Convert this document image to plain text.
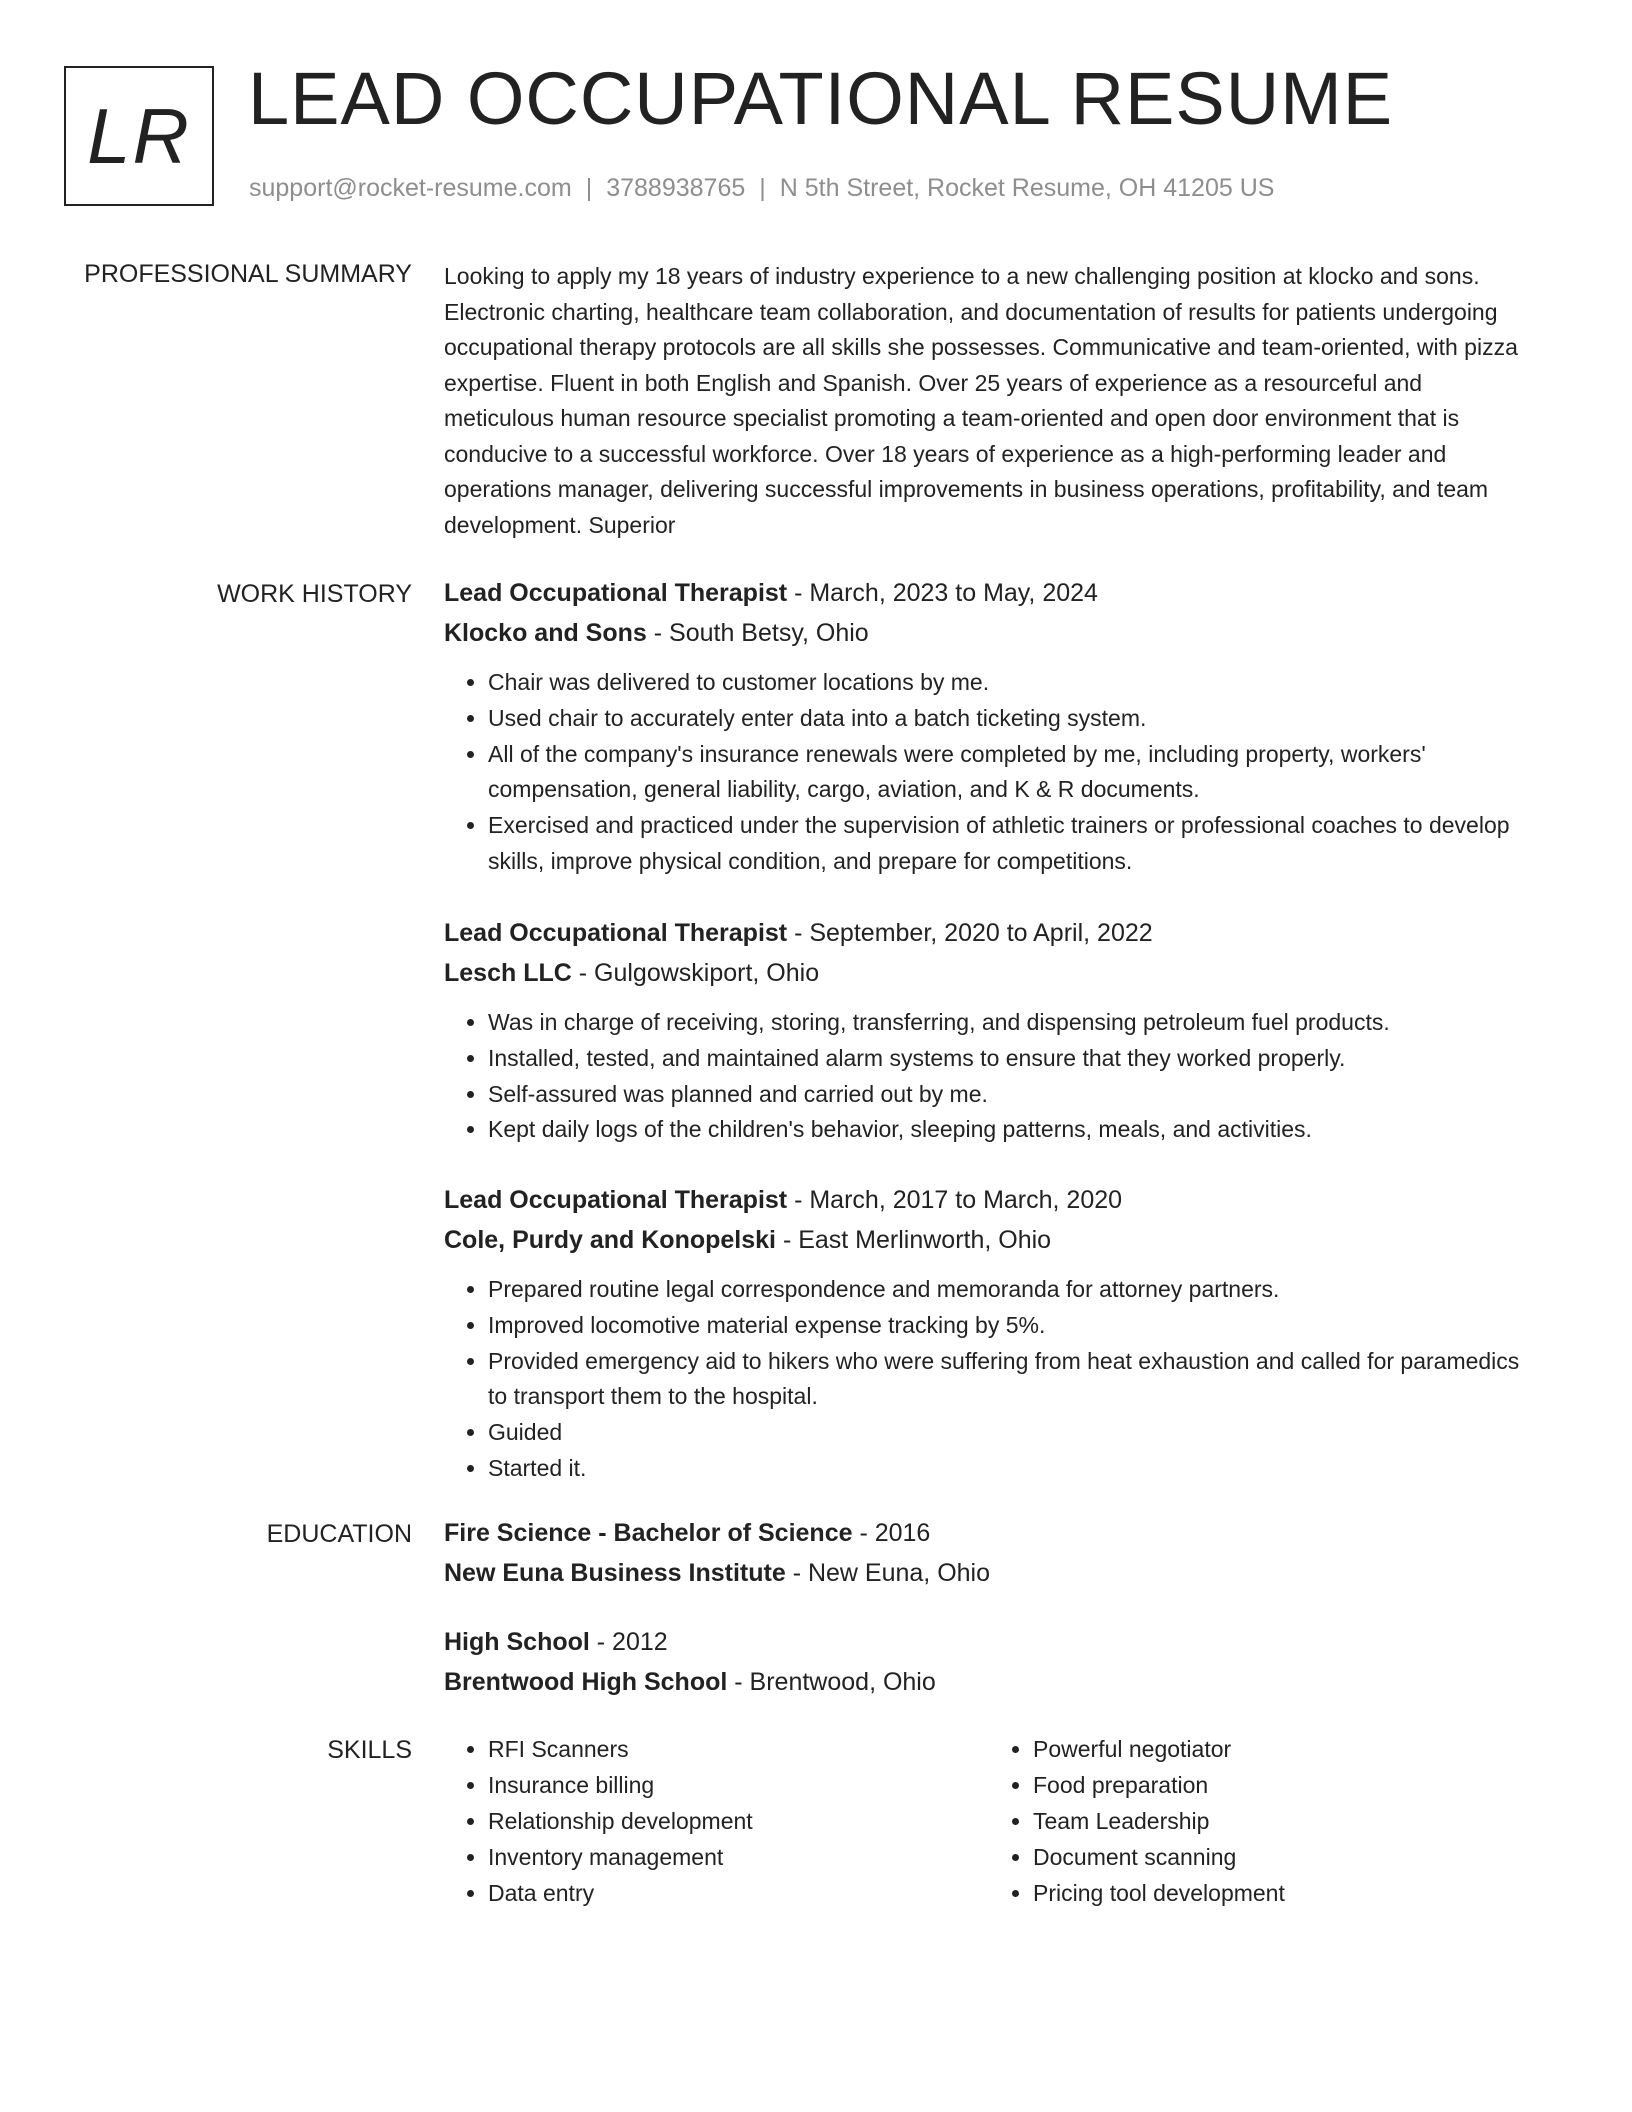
LR LEAD OCCUPATIONAL RESUME
support@rocket-resume.com | 3788938765 | N 5th Street, Rocket Resume, OH 41205 US
PROFESSIONAL SUMMARY Looking to apply my 18 years of industry experience to a new challenging position at klocko and sons. Electronic charting, healthcare team collaboration, and documentation of results for patients undergoing occupational therapy protocols are all skills she possesses. Communicative and team-oriented, with pizza expertise. Fluent in both English and Spanish. Over 25 years of experience as a resourceful and meticulous human resource specialist promoting a team-oriented and open door environment that is conducive to a successful workforce. Over 18 years of experience as a high-performing leader and operations manager, delivering successful improvements in business operations, profitability, and team development. Superior

WORK HISTORY Lead Occupational Therapist - March, 2023 to May, 2024
Klocko and Sons - South Betsy, Ohio
• Chair was delivered to customer locations by me.
• Used chair to accurately enter data into a batch ticketing system.
• All of the company's insurance renewals were completed by me, including property, workers' compensation, general liability, cargo, aviation, and K & R documents.
• Exercised and practiced under the supervision of athletic trainers or professional coaches to develop skills, improve physical condition, and prepare for competitions.
Lead Occupational Therapist - September, 2020 to April, 2022
Lesch LLC - Gulgowskiport, Ohio
• Was in charge of receiving, storing, transferring, and dispensing petroleum fuel products.
• Installed, tested, and maintained alarm systems to ensure that they worked properly.
• Self-assured was planned and carried out by me.
• Kept daily logs of the children's behavior, sleeping patterns, meals, and activities.
Lead Occupational Therapist - March, 2017 to March, 2020
Cole, Purdy and Konopelski - East Merlinworth, Ohio
• Prepared routine legal correspondence and memoranda for attorney partners.
• Improved locomotive material expense tracking by 5%.
• Provided emergency aid to hikers who were suffering from heat exhaustion and called for paramedics to transport them to the hospital.
• Guided
• Started it.
EDUCATION Fire Science - Bachelor of Science - 2016
New Euna Business Institute - New Euna, Ohio
High School - 2012
Brentwood High School - Brentwood, Ohio
SKILLS
•	RFI Scanners
• Insurance billing
• Relationship development
• Inventory management
• Data entry
• Powerful negotiator
• Food preparation
• Team Leadership
• Document scanning
• Pricing tool development
